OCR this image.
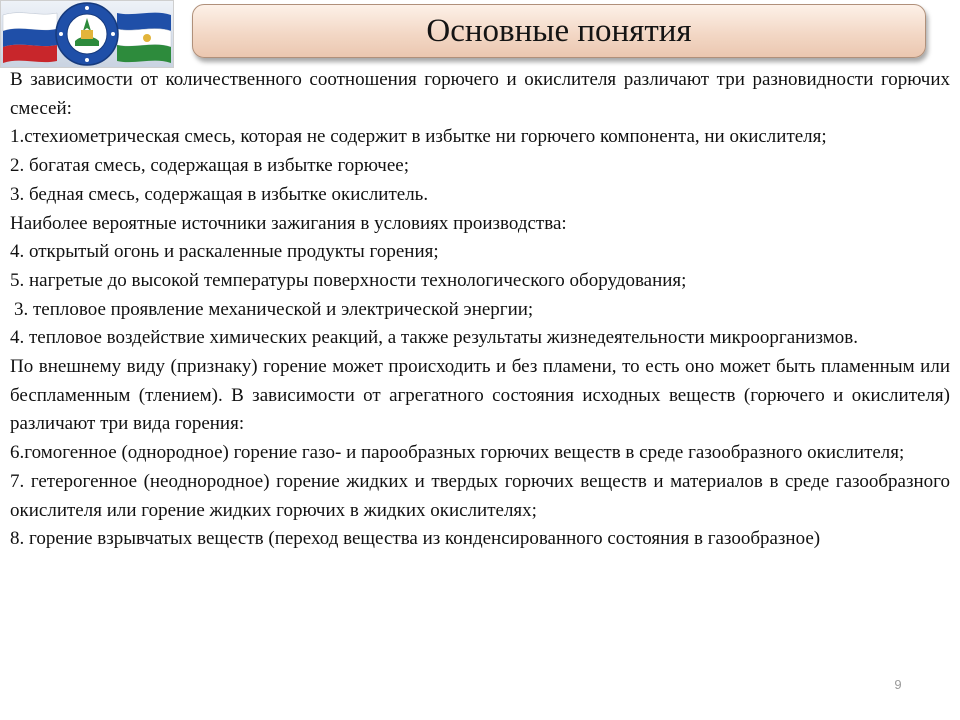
Основные понятия

В зависимости от количественного соотношения горючего и окислителя различают три разновидности горючих смесей:

1.стехиометрическая смесь, которая не содержит в избытке ни горючего компонента, ни окислителя;

2. богатая смесь, содержащая в избытке горючее;

3. бедная смесь, содержащая в избытке окислитель.

Наиболее вероятные источники зажигания в условиях производства:

4. открытый огонь и раскаленные продукты горения;

5. нагретые до высокой температуры поверхности технологического оборудования;

3. тепловое проявление механической и электрической энергии;

4. тепловое воздействие химических реакций, а также результаты жизнедеятельности микроорганизмов.

По внешнему виду (признаку) горение может происходить и без пламени, то есть оно может быть пламенным или беспламенным (тлением). В зависимости от агрегатного состояния исходных веществ (горючего и окислителя) различают три вида горения:

6.гомогенное (однородное) горение газо- и парообразных горючих веществ в среде газообразного окислителя;

7. гетерогенное (неоднородное) горение жидких и твердых горючих веществ и материалов в среде газообразного окислителя или горение жидких горючих в жидких окислителях;

8. горение взрывчатых веществ (переход вещества из конденсированного состояния в газообразное)

9
